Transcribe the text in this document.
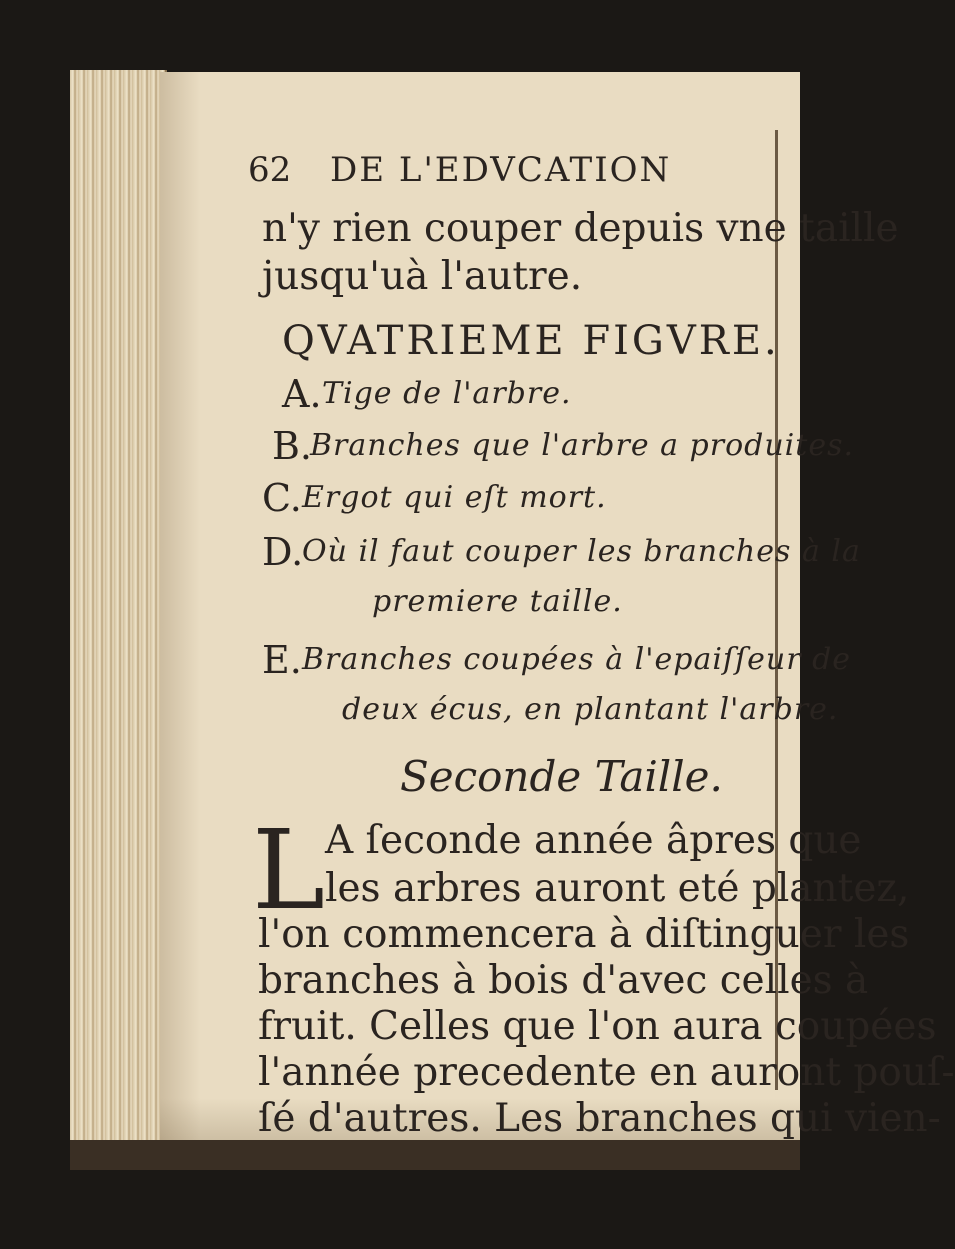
62 DE L'EDVCATION
n'y rien couper depuis vne taille
jusqu'uà l'autre.
QVATRIEME FIGVRE.
A. Tige de l'arbre.
B.
Branches que l'arbre a produites.
C. Ergot qui eſt mort.
D.
Où il faut couper les branches à la
premiere taille.
E. Branches coupées à l'epaiſſeur de
deux écus, en plantant l'arbre.
Seconde Taille.
L A ſeconde année âpres que
les arbres auront eté plantez,
l'on commencera à diſtinguer les
branches à bois d'avec celles à
fruit. Celles que l'on aura coupées
l'année precedente en auront pouſ-
ſé d'autres. Les branches qui vien-
